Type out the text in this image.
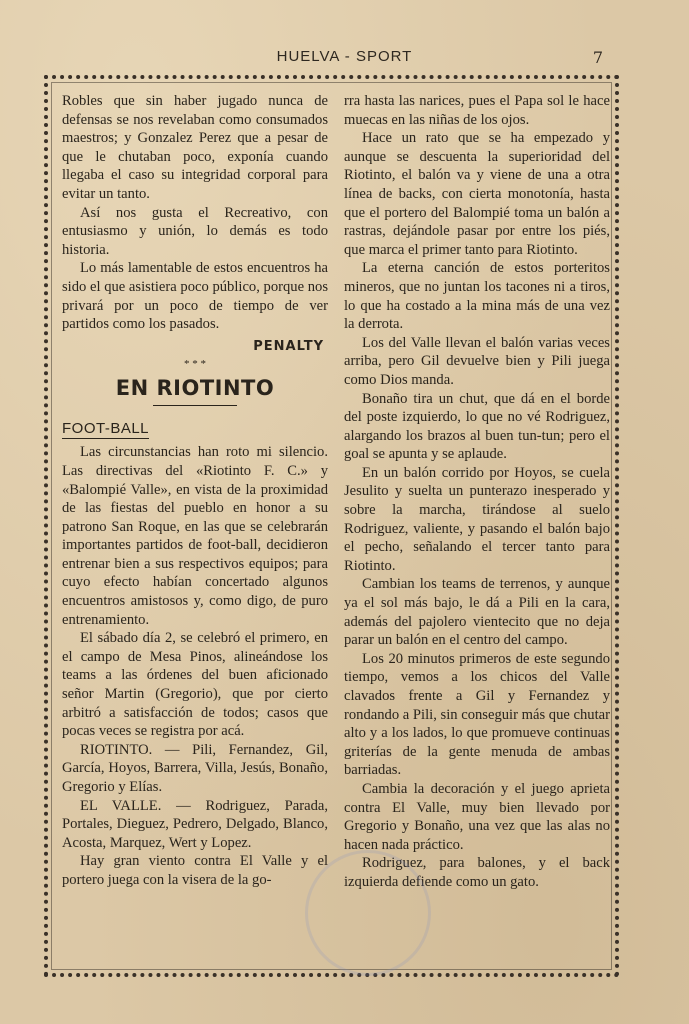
HUELVA - SPORT	7

Robles que sin haber jugado nunca de defensas se nos revelaban como consumados maestros; y Gonzalez Perez que a pesar de que le chutaban poco, exponía cuando llegaba el caso su integridad corporal para evitar un tanto.

Así nos gusta el Recreativo, con entusiasmo y unión, lo demás es todo historia.

Lo más lamentable de estos encuentros ha sido el que asistiera poco público, porque nos privará por un poco de tiempo de ver partidos como los pasados.

PENALTY
* * *
EN RIOTINTO
FOOT-BALL

Las circunstancias han roto mi silencio. Las directivas del «Riotinto F. C.» y «Balompié Valle», en vista de la proximidad de las fiestas del pueblo en honor a su patrono San Roque, en las que se celebrarán importantes partidos de foot-ball, decidieron entrenar bien a sus respectivos equipos; para cuyo efecto habían concertado algunos encuentros amistosos y, como digo, de puro entrenamiento.

El sábado día 2, se celebró el primero, en el campo de Mesa Pinos, alineándose los teams a las órdenes del buen aficionado señor Martin (Gregorio), que por cierto arbitró a satisfacción de todos; casos que pocas veces se registra por acá.

RIOTINTO. — Pili, Fernandez, Gil, García, Hoyos, Barrera, Villa, Jesús, Bonaño, Gregorio y Elías.

EL VALLE. — Rodriguez, Parada, Portales, Dieguez, Pedrero, Delgado, Blanco, Acosta, Marquez, Wert y Lopez.

Hay gran viento contra El Valle y el portero juega con la visera de la go-

rra hasta las narices, pues el Papa sol le hace muecas en las niñas de los ojos.

Hace un rato que se ha empezado y aunque se descuenta la superioridad del Riotinto, el balón va y viene de una a otra línea de backs, con cierta monotonía, hasta que el portero del Balompié toma un balón a rastras, dejándole pasar por entre los piés, que marca el primer tanto para Riotinto.

La eterna canción de estos porteritos mineros, que no juntan los tacones ni a tiros, lo que ha costado a la mina más de una vez la derrota.

Los del Valle llevan el balón varias veces arriba, pero Gil devuelve bien y Pili juega como Dios manda.

Bonaño tira un chut, que dá en el borde del poste izquierdo, lo que no vé Rodriguez, alargando los brazos al buen tun-tun; pero el goal se apunta y se aplaude.

En un balón corrido por Hoyos, se cuela Jesulito y suelta un punterazo inesperado y sobre la marcha, tirándose al suelo Rodriguez, valiente, y pasando el balón bajo el pecho, señalando el tercer tanto para Riotinto.

Cambian los teams de terrenos, y aunque ya el sol más bajo, le dá a Pili en la cara, además del pajolero vientecito que no deja parar un balón en el centro del campo.

Los 20 minutos primeros de este segundo tiempo, vemos a los chicos del Valle clavados frente a Gil y Fernandez y rondando a Pili, sin conseguir más que chutar alto y a los lados, lo que promueve continuas griterías de la gente menuda de ambas barriadas.

Cambia la decoración y el juego aprieta contra El Valle, muy bien llevado por Gregorio y Bonaño, una vez que las alas no hacen nada práctico.

Rodriguez, para balones, y el back izquierda defiende como un gato.
